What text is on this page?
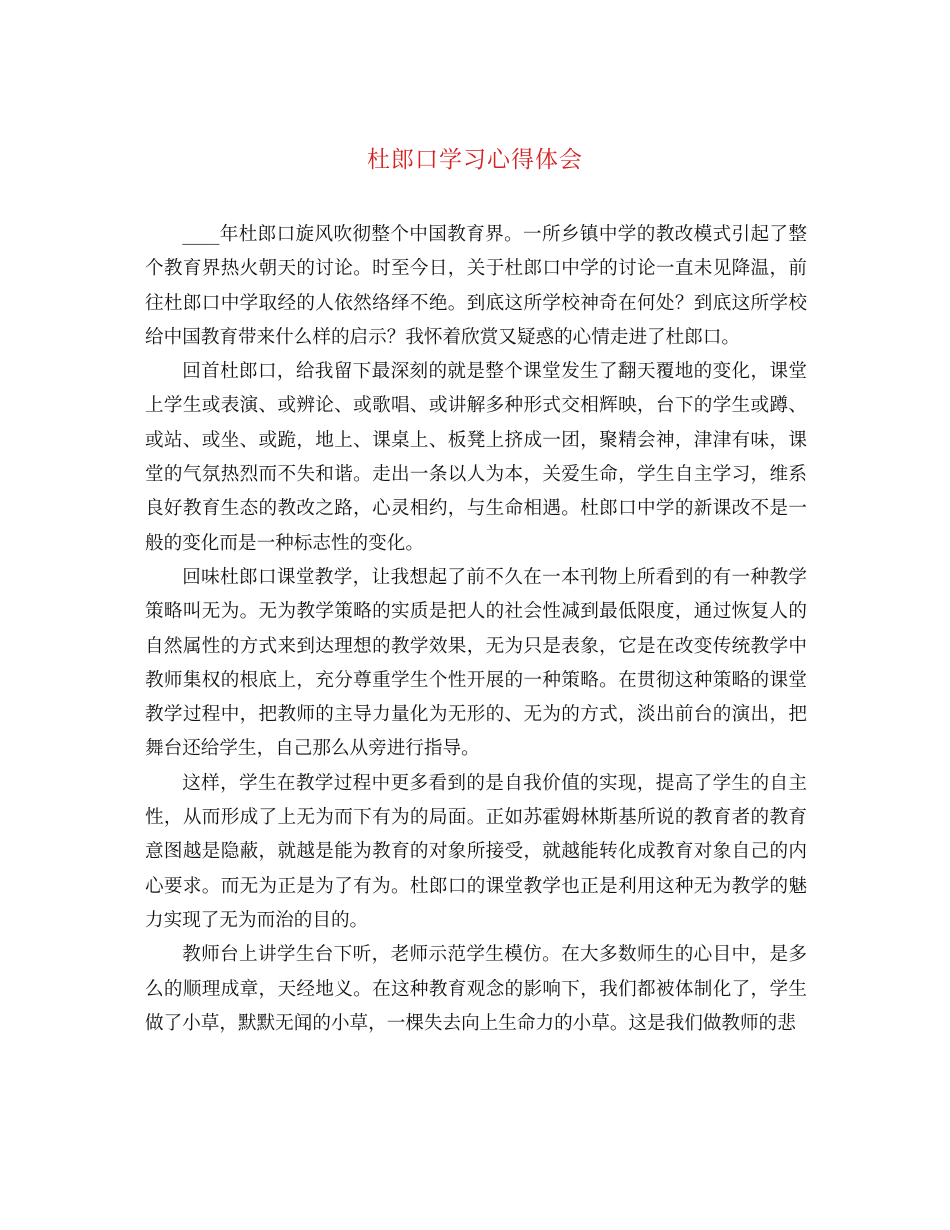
杜郎口学习心得体会

____年杜郎口旋风吹彻整个中国教育界。一所乡镇中学的教改模式引起了整个教育界热火朝天的讨论。时至今日，关于杜郎口中学的讨论一直未见降温，前往杜郎口中学取经的人依然络绎不绝。到底这所学校神奇在何处？到底这所学校给中国教育带来什么样的启示？我怀着欣赏又疑惑的心情走进了杜郎口。

回首杜郎口，给我留下最深刻的就是整个课堂发生了翻天覆地的变化，课堂上学生或表演、或辨论、或歌唱、或讲解多种形式交相辉映，台下的学生或蹲、或站、或坐、或跪，地上、课桌上、板凳上挤成一团，聚精会神，津津有味，课堂的气氛热烈而不失和谐。走出一条以人为本，关爱生命，学生自主学习，维系良好教育生态的教改之路，心灵相约，与生命相遇。杜郎口中学的新课改不是一般的变化而是一种标志性的变化。

回味杜郎口课堂教学，让我想起了前不久在一本刊物上所看到的有一种教学策略叫无为。无为教学策略的实质是把人的社会性减到最低限度，通过恢复人的自然属性的方式来到达理想的教学效果，无为只是表象，它是在改变传统教学中教师集权的根底上，充分尊重学生个性开展的一种策略。在贯彻这种策略的课堂教学过程中，把教师的主导力量化为无形的、无为的方式，淡出前台的演出，把舞台还给学生，自己那么从旁进行指导。

这样，学生在教学过程中更多看到的是自我价值的实现，提高了学生的自主性，从而形成了上无为而下有为的局面。正如苏霍姆林斯基所说的教育者的教育意图越是隐蔽，就越是能为教育的对象所接受，就越能转化成教育对象自己的内心要求。而无为正是为了有为。杜郎口的课堂教学也正是利用这种无为教学的魅力实现了无为而治的目的。

教师台上讲学生台下听，老师示范学生模仿。在大多数师生的心目中，是多么的顺理成章，天经地义。在这种教育观念的影响下，我们都被体制化了，学生做了小草，默默无闻的小草，一棵失去向上生命力的小草。这是我们做教师的悲
